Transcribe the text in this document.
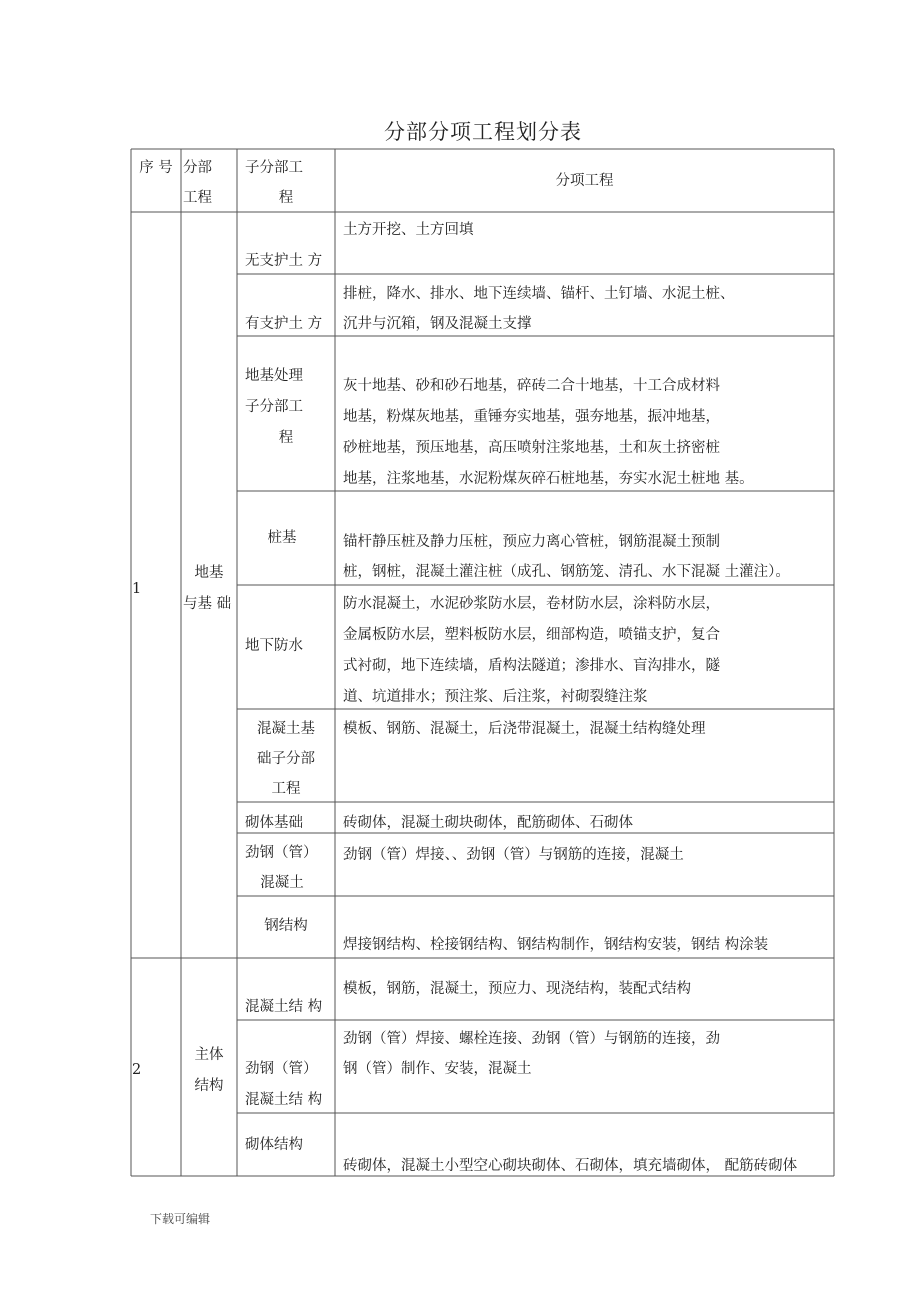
分部分项工程划分表
序 号 分部
工程
子分部工
程
分项工程
1
地基
与基 础
无支护土 方
土方开挖、土方回填
有支护土 方
排桩，降水、排水、地下连续墙、锚杆、土钉墙、水泥土桩、
沉井与沉箱，钢及混凝土支撑
地基处理
子分部工
程
灰十地基、砂和砂石地基，碎砖二合十地基，十工合成材料
地基，粉煤灰地基，重锤夯实地基，强夯地基，振冲地基，
砂桩地基，预压地基，高压喷射注浆地基，土和灰土挤密桩
地基，注浆地基，水泥粉煤灰碎石桩地基，夯实水泥土桩地 基。
桩基	锚杆静压桩及静力压桩，预应力离心管桩，钢筋混凝土预制
桩，钢桩，混凝土灌注桩（成孔、钢筋笼、清孔、水下混凝 土灌注）。
地下防水
防水混凝土，水泥砂浆防水层，卷材防水层，涂料防水层，
金属板防水层，塑料板防水层，细部构造，喷锚支护，复合
式衬砌，地下连续墙，盾构法隧道；渗排水、盲沟排水，隧
道、坑道排水；预注浆、后注浆，衬砌裂缝注浆
混凝土基
础子分部
工程
模板、钢筋、混凝土，后浇带混凝土，混凝土结构缝处理
砌体基础	砖砌体，混凝土砌块砌体，配筋砌体、石砌体
劲钢（管）
混凝土
劲钢（管）焊接、、劲钢（管）与钢筋的连接，混凝土
钢结构
焊接钢结构、栓接钢结构、钢结构制作，钢结构安装，钢结 构涂装
2
主体
结构
混凝土结 构
模板，钢筋，混凝土，预应力、现浇结构，装配式结构
劲钢（管）
混凝土结 构
劲钢（管）焊接、螺栓连接、劲钢（管）与钢筋的连接，劲
钢（管）制作、安装，混凝土
砌体结构
砖砌体，混凝土小型空心砌块砌体、石砌体，填充墙砌体， 配筋砖砌体
下载可编辑
